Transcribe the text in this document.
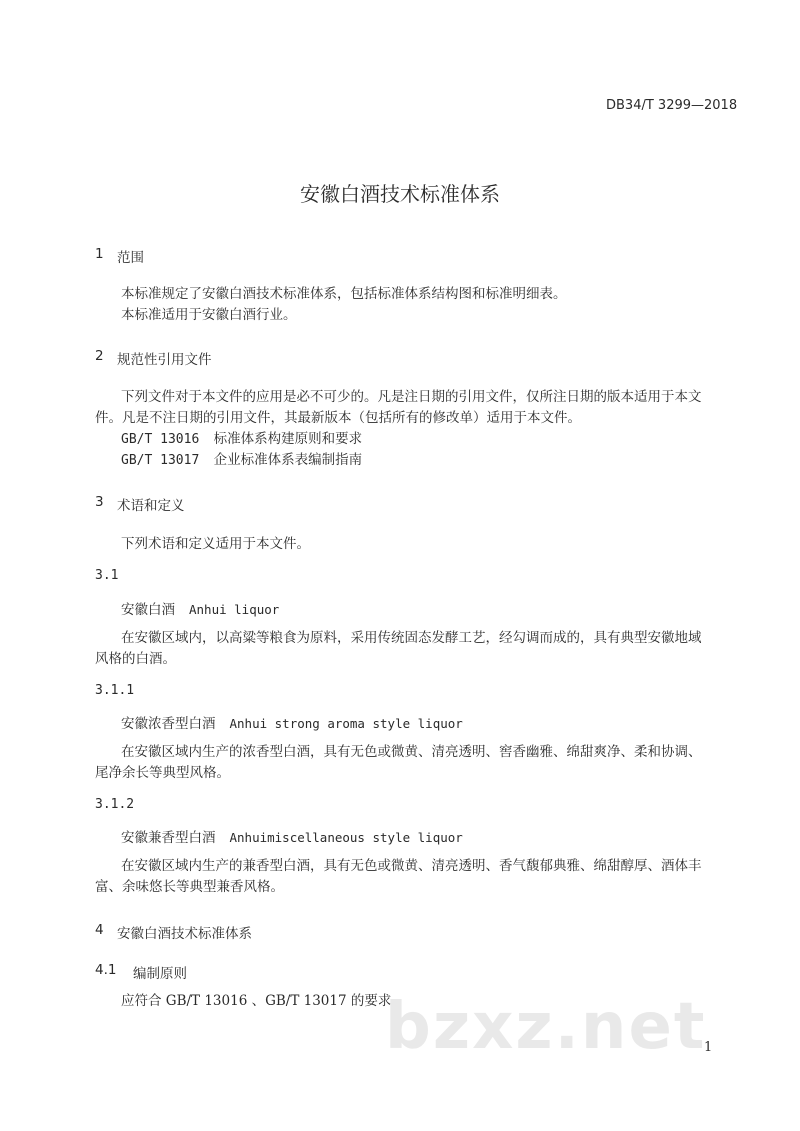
DB34/T 3299—2018
安徽白酒技术标准体系
1 范围
本标准规定了安徽白酒技术标准体系，包括标准体系结构图和标准明细表。
本标准适用于安徽白酒行业。
2 规范性引用文件
下列文件对于本文件的应用是必不可少的。凡是注日期的引用文件，仅所注日期的版本适用于本文
件。凡是不注日期的引用文件，其最新版本（包括所有的修改单）适用于本文件。
GB/T 13016 标准体系构建原则和要求
GB/T 13017 企业标准体系表编制指南
3 术语和定义
下列术语和定义适用于本文件。
3.1
安徽白酒 Anhui liquor
在安徽区域内，以高粱等粮食为原料，采用传统固态发酵工艺，经勾调而成的，具有典型安徽地域
风格的白酒。
3.1.1
安徽浓香型白酒 Anhui strong aroma style liquor
在安徽区域内生产的浓香型白酒，具有无色或微黄、清亮透明、窖香幽雅、绵甜爽净、柔和协调、
尾净余长等典型风格。
3.1.2
安徽兼香型白酒 Anhuimiscellaneous style liquor
在安徽区域内生产的兼香型白酒，具有无色或微黄、清亮透明、香气馥郁典雅、绵甜醇厚、酒体丰
富、余味悠长等典型兼香风格。
4 安徽白酒技术标准体系
4.1 编制原则
应符合 GB/T 13016 、GB/T 13017 的要求。
bzxz.net
1
